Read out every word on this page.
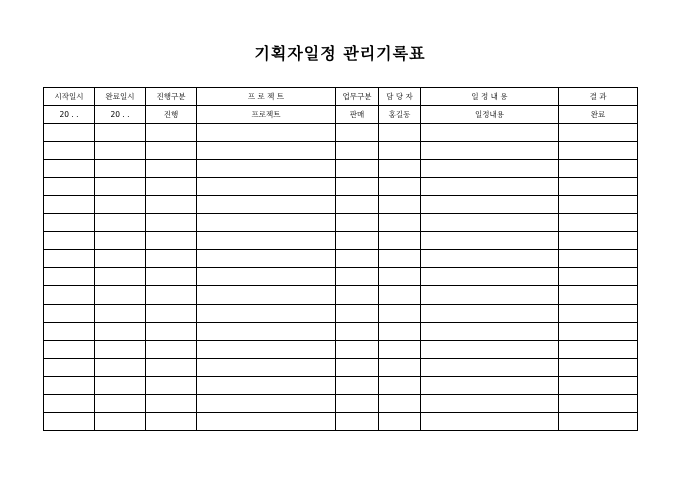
기획자일정 관리기록표
시작일시	완료일시	진행구분	프 로 젝 트	업무구분	담 당 자	일 정 내 용	결 과
20 . .	20 . .	진행	프로젝트	판매	홍길동	일정내용	완료
